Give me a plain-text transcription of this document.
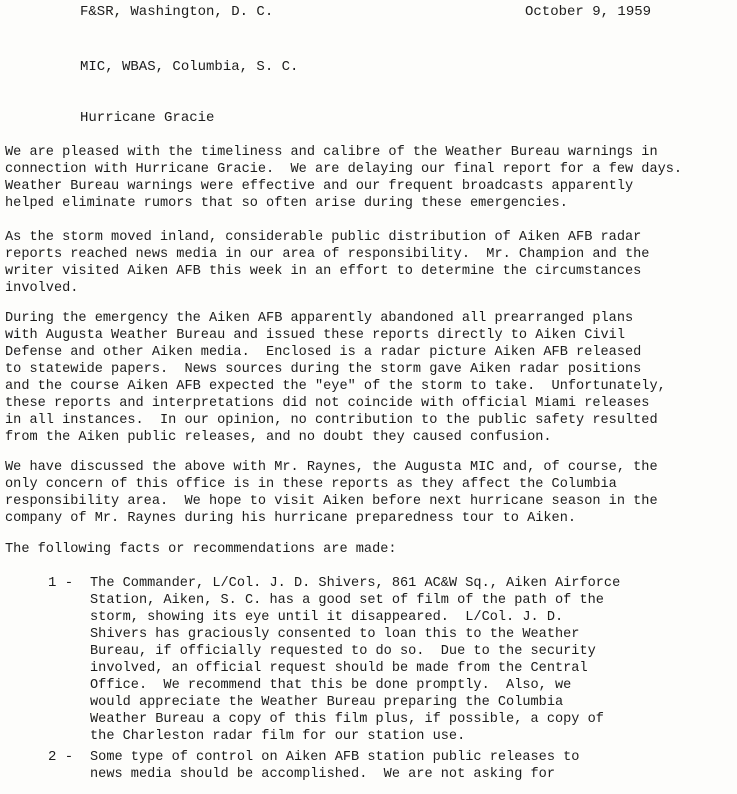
F&SR, Washington, D. C.	October 9, 1959
MIC, WBAS, Columbia, S. C.
Hurricane Gracie
We are pleased with the timeliness and calibre of the Weather Bureau warnings in
connection with Hurricane Gracie.  We are delaying our final report for a few days.
Weather Bureau warnings were effective and our frequent broadcasts apparently
helped eliminate rumors that so often arise during these emergencies.
As the storm moved inland, considerable public distribution of Aiken AFB radar
reports reached news media in our area of responsibility.  Mr. Champion and the
writer visited Aiken AFB this week in an effort to determine the circumstances
involved.
During the emergency the Aiken AFB apparently abandoned all prearranged plans
with Augusta Weather Bureau and issued these reports directly to Aiken Civil
Defense and other Aiken media.  Enclosed is a radar picture Aiken AFB released
to statewide papers.  News sources during the storm gave Aiken radar positions
and the course Aiken AFB expected the "eye" of the storm to take.  Unfortunately,
these reports and interpretations did not coincide with official Miami releases
in all instances.  In our opinion, no contribution to the public safety resulted
from the Aiken public releases, and no doubt they caused confusion.
We have discussed the above with Mr. Raynes, the Augusta MIC and, of course, the
only concern of this office is in these reports as they affect the Columbia
responsibility area.  We hope to visit Aiken before next hurricane season in the
company of Mr. Raynes during his hurricane preparedness tour to Aiken.
The following facts or recommendations are made:
1 - The Commander, L/Col. J. D. Shivers, 861 AC&W Sq., Aiken Airforce
Station, Aiken, S. C. has a good set of film of the path of the
storm, showing its eye until it disappeared.  L/Col. J. D.
Shivers has graciously consented to loan this to the Weather
Bureau, if officially requested to do so.  Due to the security
involved, an official request should be made from the Central
Office.  We recommend that this be done promptly.  Also, we
would appreciate the Weather Bureau preparing the Columbia
Weather Bureau a copy of this film plus, if possible, a copy of
the Charleston radar film for our station use.
2 - Some type of control on Aiken AFB station public releases to
news media should be accomplished.  We are not asking for
